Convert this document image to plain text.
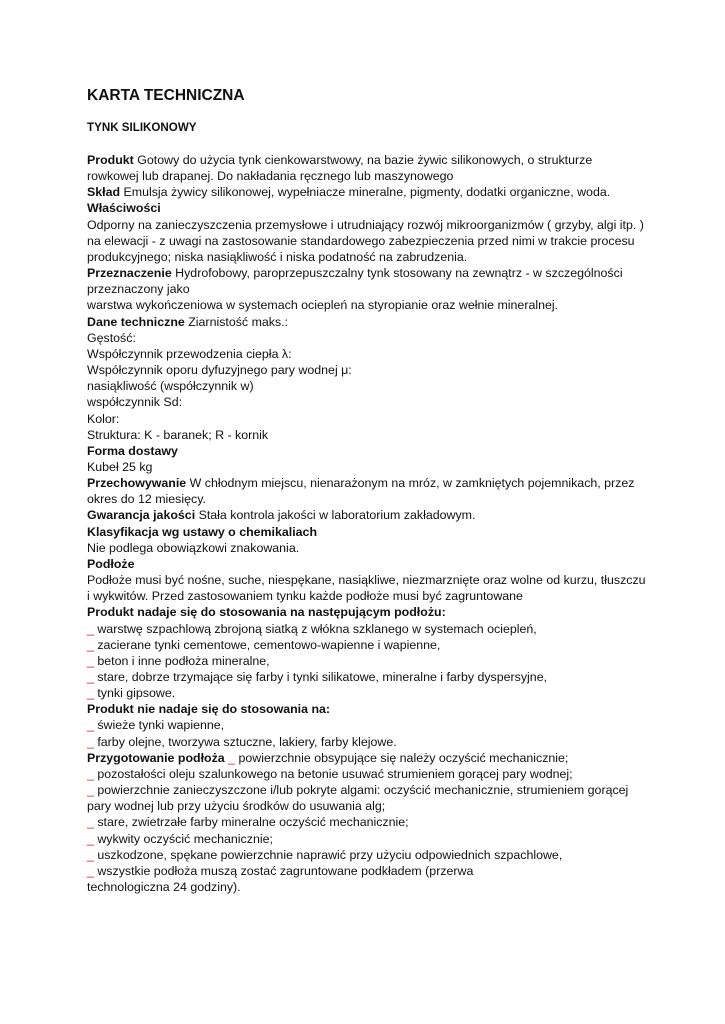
KARTA TECHNICZNA
TYNK SILIKONOWY
Produkt Gotowy do użycia tynk cienkowarstwowy, na bazie żywic silikonowych, o strukturze
rowkowej lub drapanej. Do nakładania ręcznego lub maszynowego
Skład Emulsja żywicy silikonowej, wypełniacze mineralne, pigmenty, dodatki organiczne, woda.
Właściwości
Odporny na zanieczyszczenia przemysłowe i utrudniający rozwój mikroorganizmów ( grzyby, algi itp. )
na elewacji - z uwagi na zastosowanie standardowego zabezpieczenia przed nimi w trakcie procesu
produkcyjnego; niska nasiąkliwość i niska podatność na zabrudzenia.
Przeznaczenie Hydrofobowy, paroprzepuszczalny tynk stosowany na zewnątrz - w szczególności
przeznaczony jako
warstwa wykończeniowa w systemach ociepleń na styropianie oraz wełnie mineralnej.
Dane techniczne Ziarnistość maks.:
Gęstość:
Współczynnik przewodzenia ciepła λ:
Współczynnik oporu dyfuzyjnego pary wodnej μ:
nasiąkliwość (współczynnik w)
współczynnik Sd:
Kolor:
Struktura: K - baranek; R - kornik
Forma dostawy
Kubeł 25 kg
Przechowywanie W chłodnym miejscu, nienarażonym na mróz, w zamkniętych pojemnikach, przez
okres do 12 miesięcy.
Gwarancja jakości Stała kontrola jakości w laboratorium zakładowym.
Klasyfikacja wg ustawy o chemikaliach
Nie podlega obowiązkowi znakowania.
Podłoże
Podłoże musi być nośne, suche, niespękane, nasiąkliwe, niezmarznięte oraz wolne od kurzu, tłuszczu
i wykwitów. Przed zastosowaniem tynku każde podłoże musi być zagruntowane
Produkt nadaje się do stosowania na następującym podłożu:
_ warstwę szpachlową zbrojoną siatką z włókna szklanego w systemach ociepleń,
_ zacierane tynki cementowe, cementowo-wapienne i wapienne,
_ beton i inne podłoża mineralne,
_ stare, dobrze trzymające się farby i tynki silikatowe, mineralne i farby dyspersyjne,
_ tynki gipsowe.
Produkt nie nadaje się do stosowania na:
_ świeże tynki wapienne,
_ farby olejne, tworzywa sztuczne, lakiery, farby klejowe.
Przygotowanie podłoża _ powierzchnie obsypujące się należy oczyścić mechanicznie;
_ pozostałości oleju szalunkowego na betonie usuwać strumieniem gorącej pary wodnej;
_ powierzchnie zanieczyszczone i/lub pokryte algami: oczyścić mechanicznie, strumieniem gorącej
pary wodnej lub przy użyciu środków do usuwania alg;
_ stare, zwietrzałe farby mineralne oczyścić mechanicznie;
_ wykwity oczyścić mechanicznie;
_ uszkodzone, spękane powierzchnie naprawić przy użyciu odpowiednich szpachlowe,
_ wszystkie podłoża muszą zostać zagruntowane podkładem (przerwa
technologiczna 24 godziny).
